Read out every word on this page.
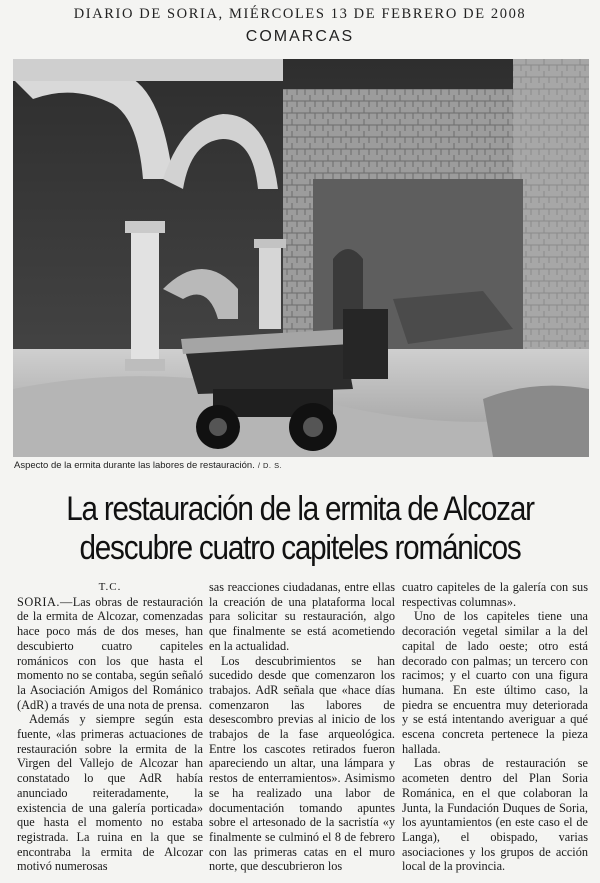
DIARIO DE SORIA, MIÉRCOLES 13 DE FEBRERO DE 2008
COMARCAS
Aspecto de la ermita durante las labores de restauración. / D. S.
La restauración de la ermita de Alcozar
descubre cuatro capiteles románicos

T.C.

SORIA.—Las obras de restauración de la ermita de Alcozar, comenzadas hace poco más de dos meses, han descubierto cuatro capiteles románicos con los que hasta el momento no se contaba, según señaló la Asociación Amigos del Románico (AdR) a través de una nota de prensa.

Además y siempre según esta fuente, «las primeras actuaciones de restauración sobre la ermita de la Virgen del Vallejo de Alcozar han constatado lo que AdR había anunciado reiteradamente, la existencia de una galería porticada» que hasta el momento no estaba registrada. La ruina en la que se encontraba la ermita de Alcozar motivó numerosas

sas reacciones ciudadanas, entre ellas la creación de una plataforma local para solicitar su restauración, algo que finalmente se está acometiendo en la actualidad.

Los descubrimientos se han sucedido desde que comenzaron los trabajos. AdR señala que «hace días comenzaron las labores de desescombro previas al inicio de los trabajos de la fase arqueológica. Entre los cascotes retirados fueron apareciendo un altar, una lámpara y restos de enterramientos». Asimismo se ha realizado una labor de documentación tomando apuntes sobre el artesonado de la sacristía «y finalmente se culminó el 8 de febrero con las primeras catas en el muro norte, que descubrieron los

cuatro capiteles de la galería con sus respectivas columnas».

Uno de los capiteles tiene una decoración vegetal similar a la del capital de lado oeste; otro está decorado con palmas; un tercero con racimos; y el cuarto con una figura humana. En este último caso, la piedra se encuentra muy deteriorada y se está intentando averiguar a qué escena concreta pertenece la pieza hallada.

Las obras de restauración se acometen dentro del Plan Soria Románica, en el que colaboran la Junta, la Fundación Duques de Soria, los ayuntamientos (en este caso el de Langa), el obispado, varias asociaciones y los grupos de acción local de la provincia.
